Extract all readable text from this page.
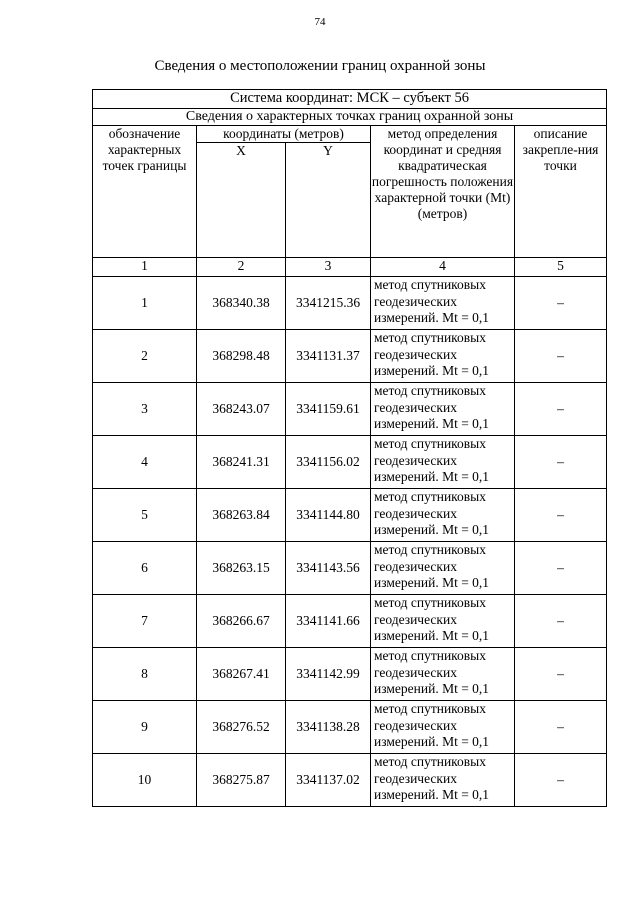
74
Сведения о местоположении границ охранной зоны
Система координат: МСК – субъект 56				
Сведения о характерных точках границ охранной зоны				
обозначение характерных точек границы	координаты (метров)		метод определения координат и средняя квадратическая погрешность положения характерной точки (Mt) (метров)	описание закрепле-ния точки
	X	Y		
1	2	3	4	5
1	368340.38	3341215.36	метод спутниковых
геодезических
измерений. Mt = 0,1	–
2	368298.48	3341131.37	метод спутниковых
геодезических
измерений. Mt = 0,1	–
3	368243.07	3341159.61	метод спутниковых
геодезических
измерений. Mt = 0,1	–
4	368241.31	3341156.02	метод спутниковых
геодезических
измерений. Mt = 0,1	–
5	368263.84	3341144.80	метод спутниковых
геодезических
измерений. Mt = 0,1	–
6	368263.15	3341143.56	метод спутниковых
геодезических
измерений. Mt = 0,1	–
7	368266.67	3341141.66	метод спутниковых
геодезических
измерений. Mt = 0,1	–
8	368267.41	3341142.99	метод спутниковых
геодезических
измерений. Mt = 0,1	–
9	368276.52	3341138.28	метод спутниковых
геодезических
измерений. Mt = 0,1	–
10	368275.87	3341137.02	метод спутниковых
геодезических
измерений. Mt = 0,1	–
